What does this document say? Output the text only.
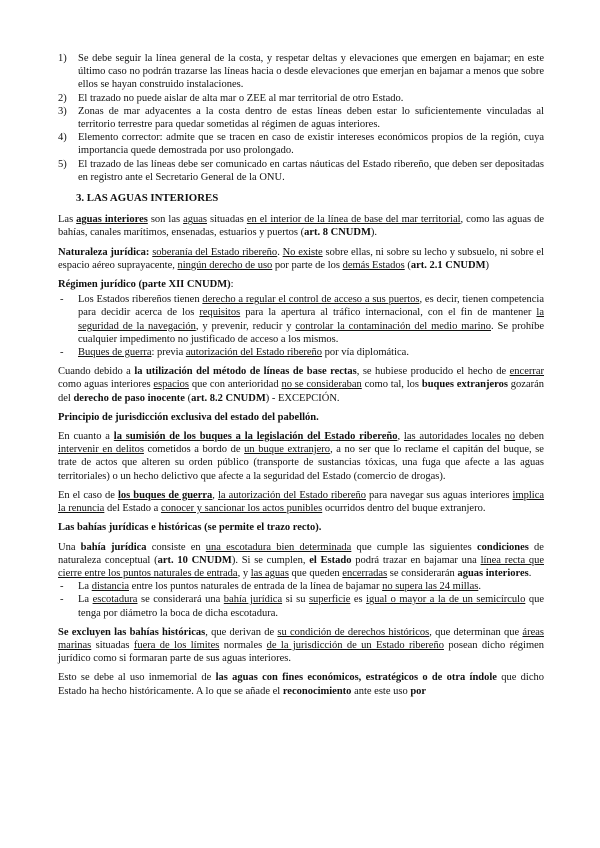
1) Se debe seguir la línea general de la costa, y respetar deltas y elevaciones que emergen en bajamar; en este último caso no podrán trazarse las líneas hacia o desde elevaciones que emerjan en bajamar a menos que sobre ellos se hayan construido instalaciones.
2) El trazado no puede aislar de alta mar o ZEE al mar territorial de otro Estado.
3) Zonas de mar adyacentes a la costa dentro de estas líneas deben estar lo suficientemente vinculadas al territorio terrestre para quedar sometidas al régimen de aguas interiores.
4) Elemento corrector: admite que se tracen en caso de existir intereses económicos propios de la región, cuya importancia quede demostrada por uso prolongado.
5) El trazado de las líneas debe ser comunicado en cartas náuticas del Estado ribereño, que deben ser depositadas en registro ante el Secretario General de la ONU.
3. LAS AGUAS INTERIORES

Las aguas interiores son las aguas situadas en el interior de la línea de base del mar territorial, como las aguas de bahías, canales marítimos, ensenadas, estuarios y puertos (art. 8 CNUDM).

Naturaleza jurídica: soberanía del Estado ribereño. No existe sobre ellas, ni sobre su lecho y subsuelo, ni sobre el espacio aéreo suprayacente, ningún derecho de uso por parte de los demás Estados (art. 2.1 CNUDM)

Régimen jurídico (parte XII CNUDM):
- Los Estados ribereños tienen derecho a regular el control de acceso a sus puertos, es decir, tienen competencia para decidir acerca de los requisitos para la apertura al tráfico internacional, con el fin de mantener la seguridad de la navegación, y prevenir, reducir y controlar la contaminación del medio marino. Se prohíbe cualquier impedimento no justificado de acceso a los mismos.
- Buques de guerra: previa autorización del Estado ribereño por vía diplomática.

Cuando debido a la utilización del método de líneas de base rectas, se hubiese producido el hecho de encerrar como aguas interiores espacios que con anterioridad no se consideraban como tal, los buques extranjeros gozarán del derecho de paso inocente (art. 8.2 CNUDM) - EXCEPCIÓN.

Principio de jurisdicción exclusiva del estado del pabellón.

En cuanto a la sumisión de los buques a la legislación del Estado ribereño, las autoridades locales no deben intervenir en delitos cometidos a bordo de un buque extranjero, a no ser que lo reclame el capitán del buque, se trate de actos que alteren su orden público (transporte de sustancias tóxicas, una fuga que afecte a las aguas territoriales) o un hecho delictivo que afecte a la seguridad del Estado (comercio de drogas).

En el caso de los buques de guerra, la autorización del Estado ribereño para navegar sus aguas interiores implica la renuncia del Estado a conocer y sancionar los actos punibles ocurridos dentro del buque extranjero.

Las bahías jurídicas e históricas (se permite el trazo recto).

Una bahía jurídica consiste en una escotadura bien determinada que cumple las siguientes condiciones de naturaleza conceptual (art. 10 CNUDM). Si se cumplen, el Estado podrá trazar en bajamar una línea recta que cierre entre los puntos naturales de entrada, y las aguas que queden encerradas se considerarán aguas interiores.

- La distancia entre los puntos naturales de entrada de la línea de bajamar no supera las 24 millas.
- La escotadura se considerará una bahía jurídica si su superficie es igual o mayor a la de un semicírculo que tenga por diámetro la boca de dicha escotadura.

Se excluyen las bahías históricas, que derivan de su condición de derechos históricos, que determinan que áreas marinas situadas fuera de los límites normales de la jurisdicción de un Estado ribereño posean dicho régimen jurídico como si formaran parte de sus aguas interiores.

Esto se debe al uso inmemorial de las aguas con fines económicos, estratégicos o de otra índole que dicho Estado ha hecho históricamente. A lo que se añade el reconocimiento ante este uso por
